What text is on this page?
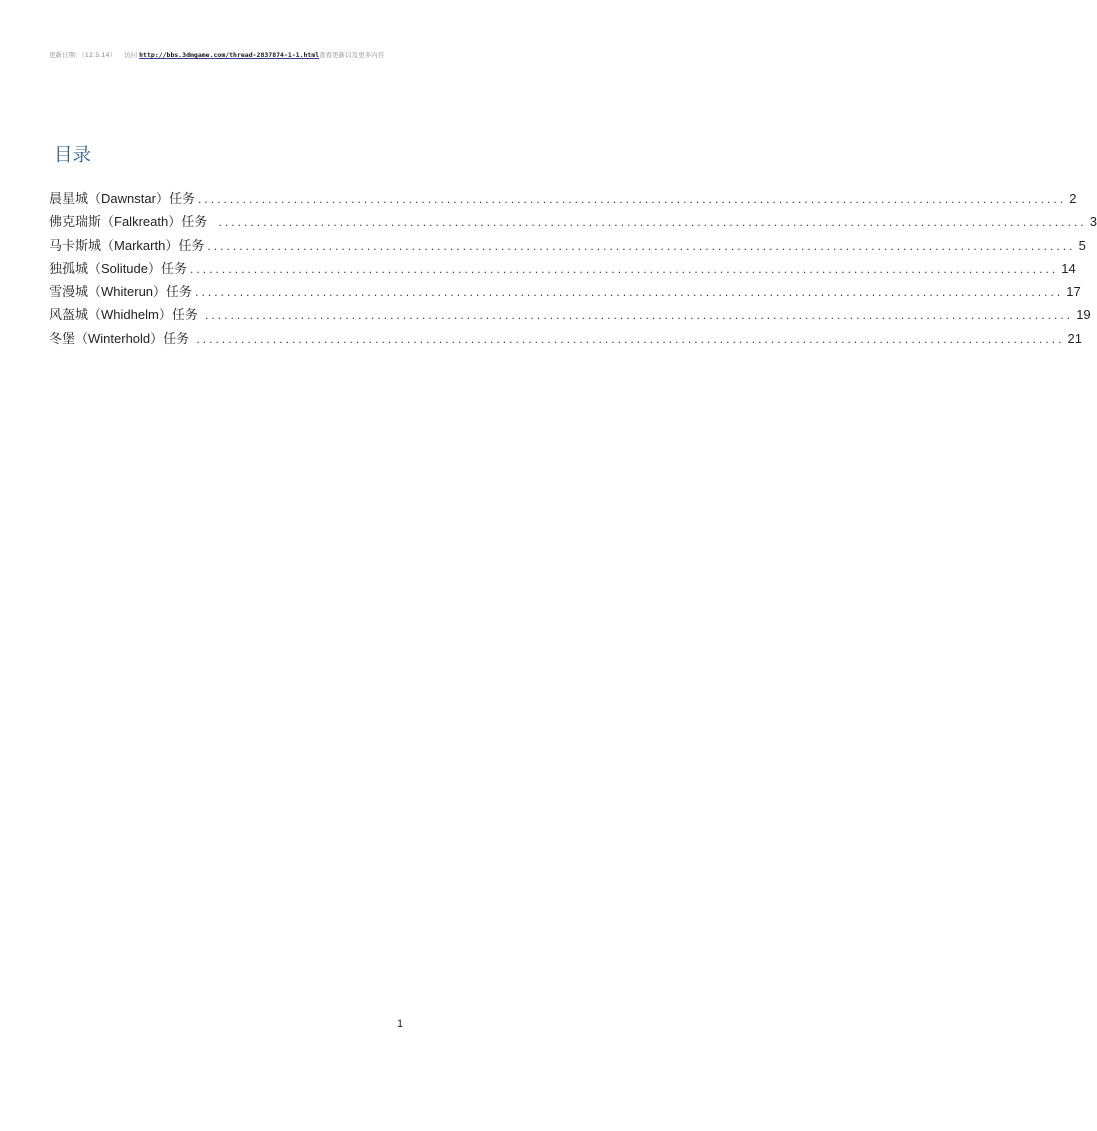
更新日期：（12.5.14） 访问 http://bbs.3dmgame.com/thread-2837874-1-1.html查看更新以及更多内容
目录
晨星城（Dawnstar）任务 ........................................................................................................................................ 2
佛克瑞斯（Falkreath）任务 ........................................................................................................................................ 3
马卡斯城（Markarth）任务 ........................................................................................................................................ 5
独孤城（Solitude）任务 ........................................................................................................................................ 14
雪漫城（Whiterun）任务 ........................................................................................................................................ 17
风盔城（Whidhelm）任务 ........................................................................................................................................ 19
冬堡（Winterhold）任务 ........................................................................................................................................ 21
1
